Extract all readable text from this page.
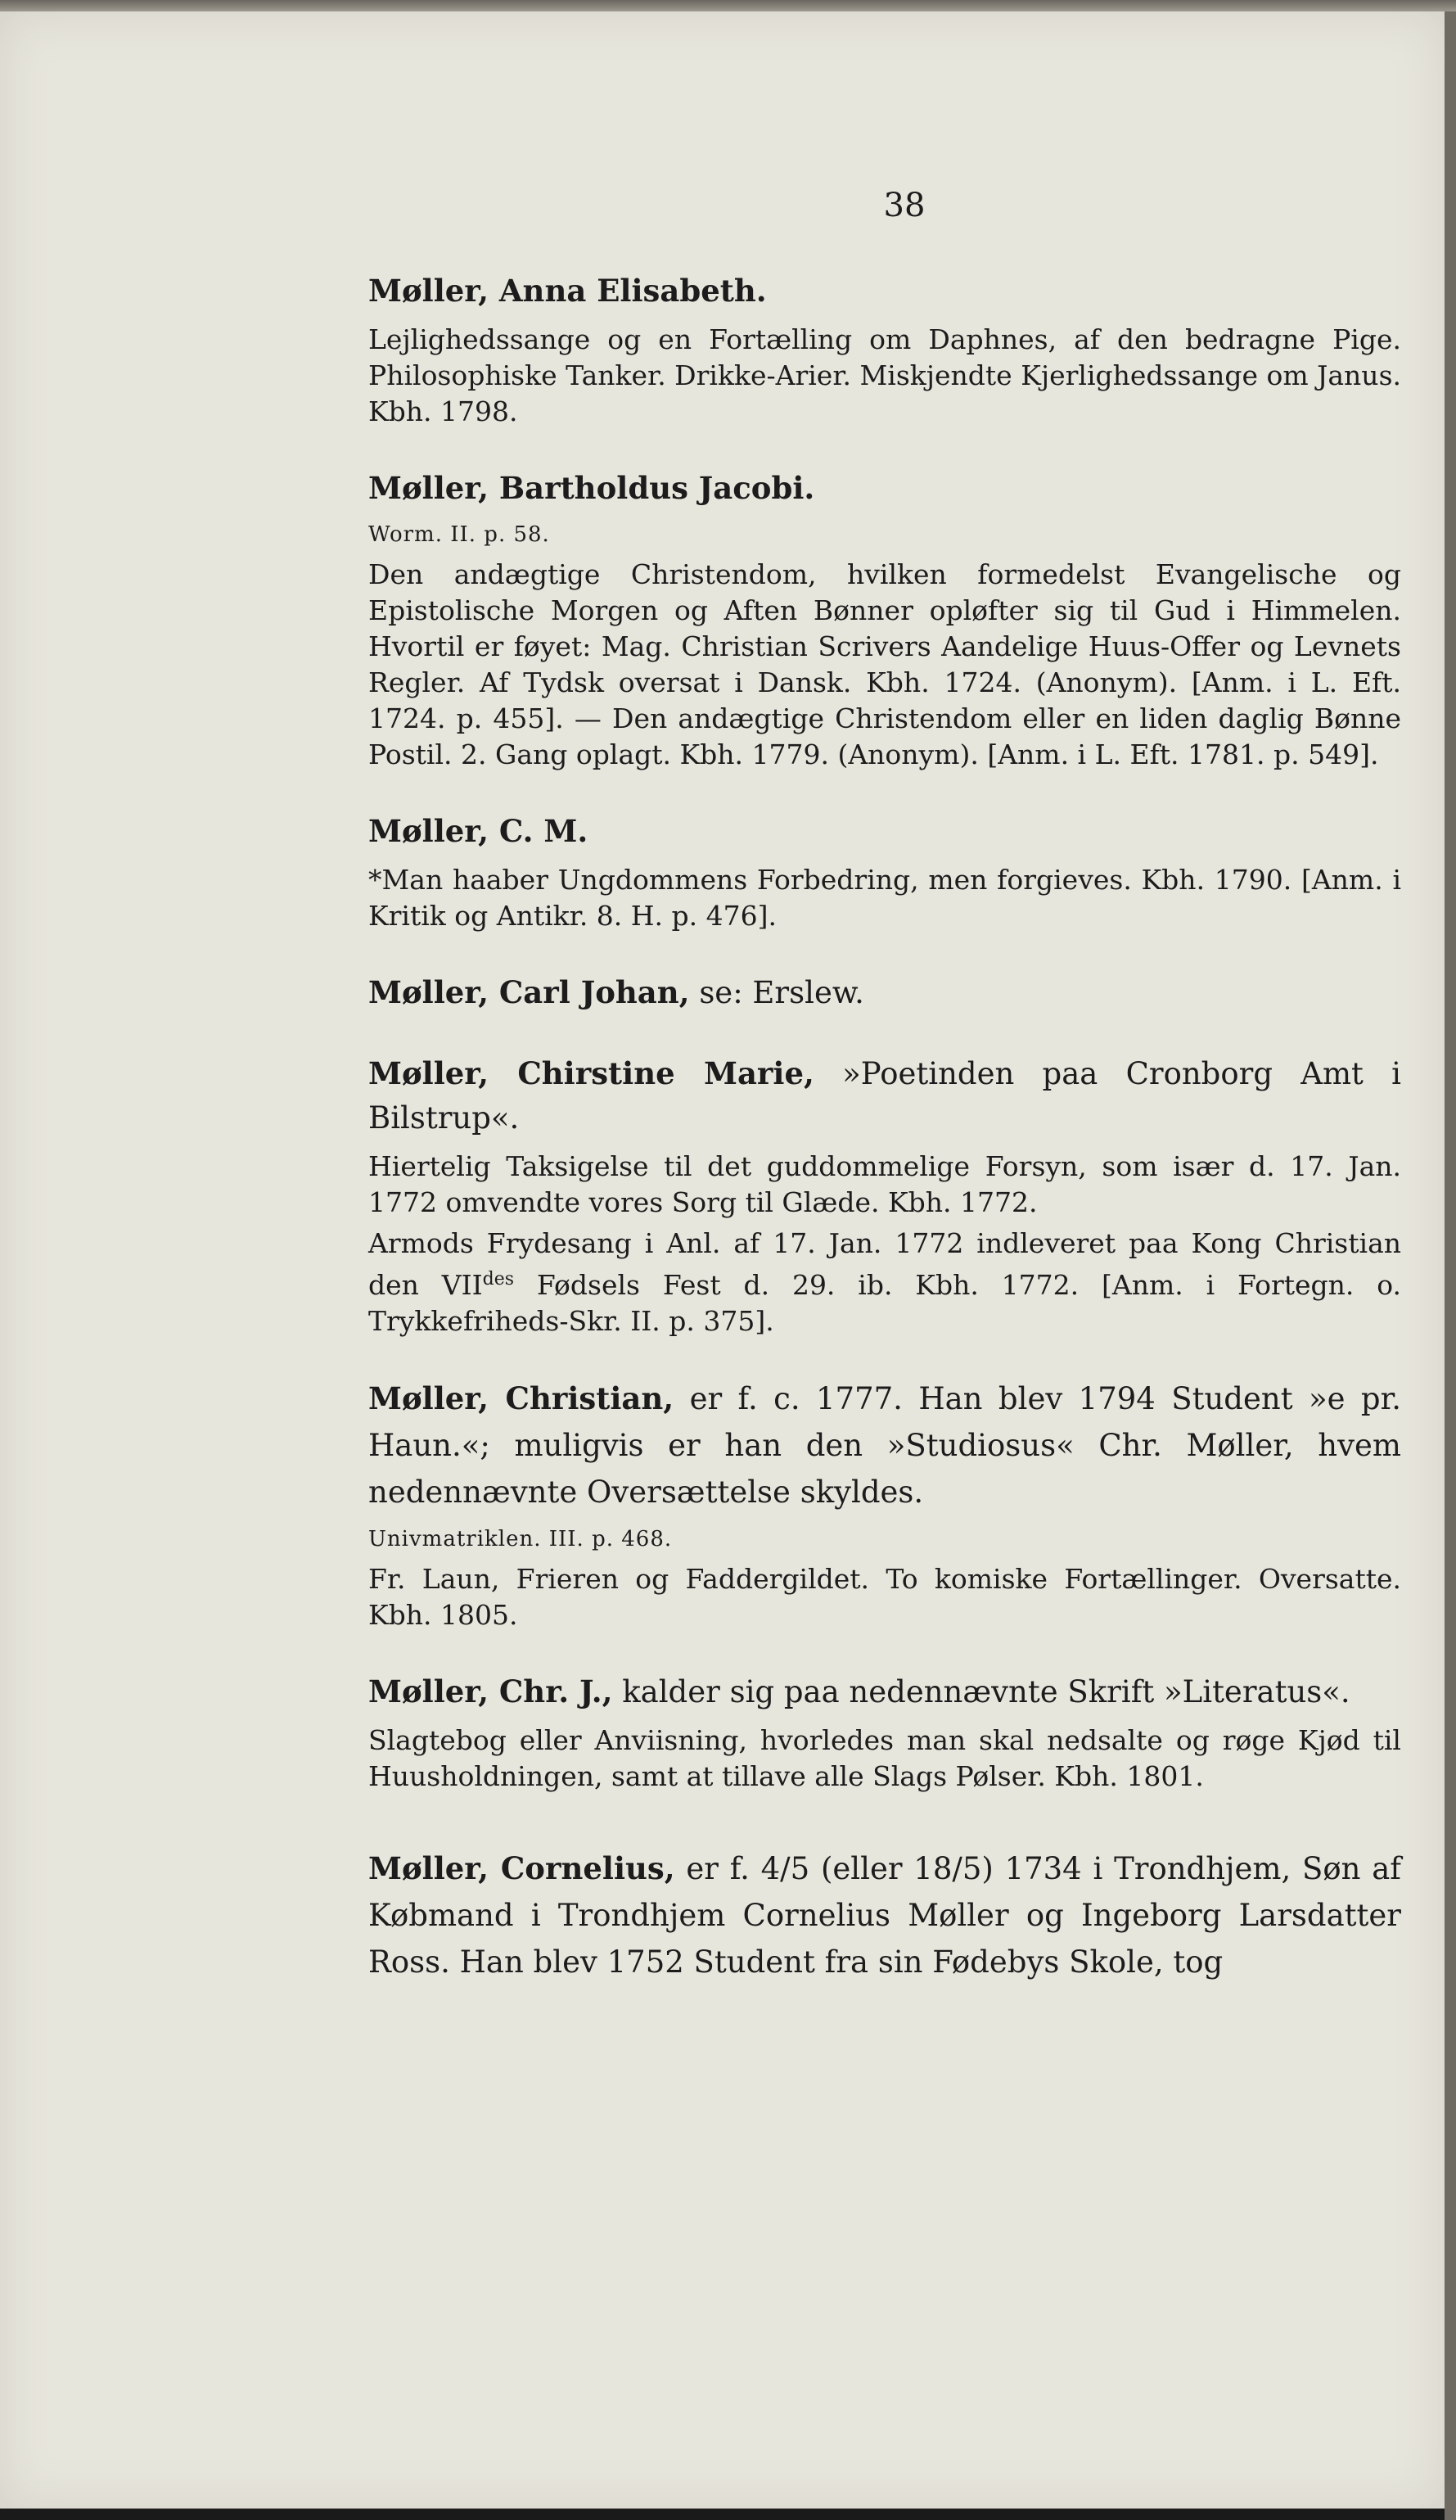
38

Møller, Anna Elisabeth.

Lejlighedssange og en Fortælling om Daphnes, af den bedragne Pige. Philosophiske Tanker. Drikke-Arier. Miskjendte Kjerlighedssange om Janus. Kbh. 1798.

Møller, Bartholdus Jacobi.

Worm. II. p. 58.

Den andægtige Christendom, hvilken formedelst Evangelische og Epistolische Morgen og Aften Bønner opløfter sig til Gud i Himmelen. Hvortil er føyet: Mag. Christian Scrivers Aandelige Huus-Offer og Levnets Regler. Af Tydsk oversat i Dansk. Kbh. 1724. (Anonym). [Anm. i L. Eft. 1724. p. 455]. — Den andægtige Christendom eller en liden daglig Bønne Postil. 2. Gang oplagt. Kbh. 1779. (Anonym). [Anm. i L. Eft. 1781. p. 549].

Møller, C. M.

*Man haaber Ungdommens Forbedring, men forgieves. Kbh. 1790. [Anm. i Kritik og Antikr. 8. H. p. 476].

Møller, Carl Johan, se: Erslew.

Møller, Chirstine Marie, »Poetinden paa Cronborg Amt i Bilstrup«.

Hiertelig Taksigelse til det guddommelige Forsyn, som især d. 17. Jan. 1772 omvendte vores Sorg til Glæde. Kbh. 1772.

Armods Frydesang i Anl. af 17. Jan. 1772 indleveret paa Kong Christian den $VII^{des}$ Fødsels Fest d. 29. ib. Kbh. 1772. [Anm. i Fortegn. o. Trykkefriheds-Skr. II. p. 375].

Møller, Christian, er f. c. 1777. Han blev 1794 Student »e pr. Haun.«; muligvis er han den »Studiosus« Chr. Møller, hvem nedennævnte Oversættelse skyldes.

Univmatriklen. III. p. 468.

Fr. Laun, Frieren og Faddergildet. To komiske Fortællinger. Oversatte. Kbh. 1805.

Møller, Chr. J., kalder sig paa nedennævnte Skrift »Literatus«.

Slagtebog eller Anviisning, hvorledes man skal nedsalte og røge Kjød til Huusholdningen, samt at tillave alle Slags Pølser. Kbh. 1801.

Møller, Cornelius, er f. 4/5 (eller 18/5) 1734 i Trondhjem, Søn af Købmand i Trondhjem Cornelius Møller og Ingeborg Larsdatter Ross. Han blev 1752 Student fra sin Fødebys Skole, tog
